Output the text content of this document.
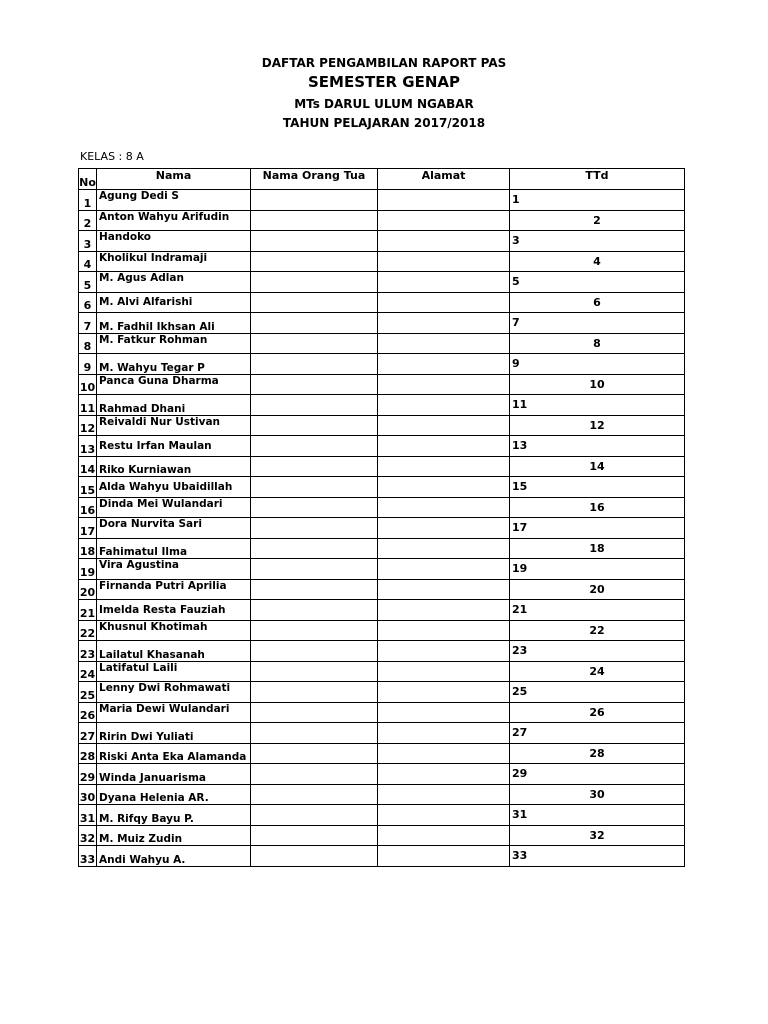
DAFTAR PENGAMBILAN RAPORT PAS

SEMESTER GENAP

MTs DARUL ULUM NGABAR

TAHUN PELAJARAN 2017/2018

KELAS : 8 A
No	Nama	Nama Orang Tua	Alamat	TTd
1	Agung Dedi S			1
2	Anton Wahyu Arifudin			2
3	Handoko			3
4	Kholikul Indramaji			4
5	M. Agus Adlan			5
6	M. Alvi Alfarishi			6
7	M. Fadhil Ikhsan Ali			7
8	M. Fatkur Rohman			8
9	M. Wahyu Tegar P			9
10	Panca Guna Dharma			10
11	Rahmad Dhani			11
12	Reivaldi Nur Ustivan			12
13	Restu Irfan Maulan			13
14	Riko Kurniawan			14
15	Alda Wahyu Ubaidillah			15
16	Dinda Mei Wulandari			16
17	Dora Nurvita Sari			17
18	Fahimatul Ilma			18
19	Vira Agustina			19
20	Firnanda Putri Aprilia			20
21	Imelda Resta Fauziah			21
22	Khusnul Khotimah			22
23	Lailatul Khasanah			23
24	Latifatul Laili			24
25	Lenny Dwi Rohmawati			25
26	Maria Dewi Wulandari			26
27	Ririn Dwi Yuliati			27
28	Riski Anta Eka Alamanda			28
29	Winda Januarisma			29
30	Dyana Helenia AR.			30
31	M. Rifqy Bayu P.			31
32	M. Muiz Zudin			32
33	Andi Wahyu A.			33
